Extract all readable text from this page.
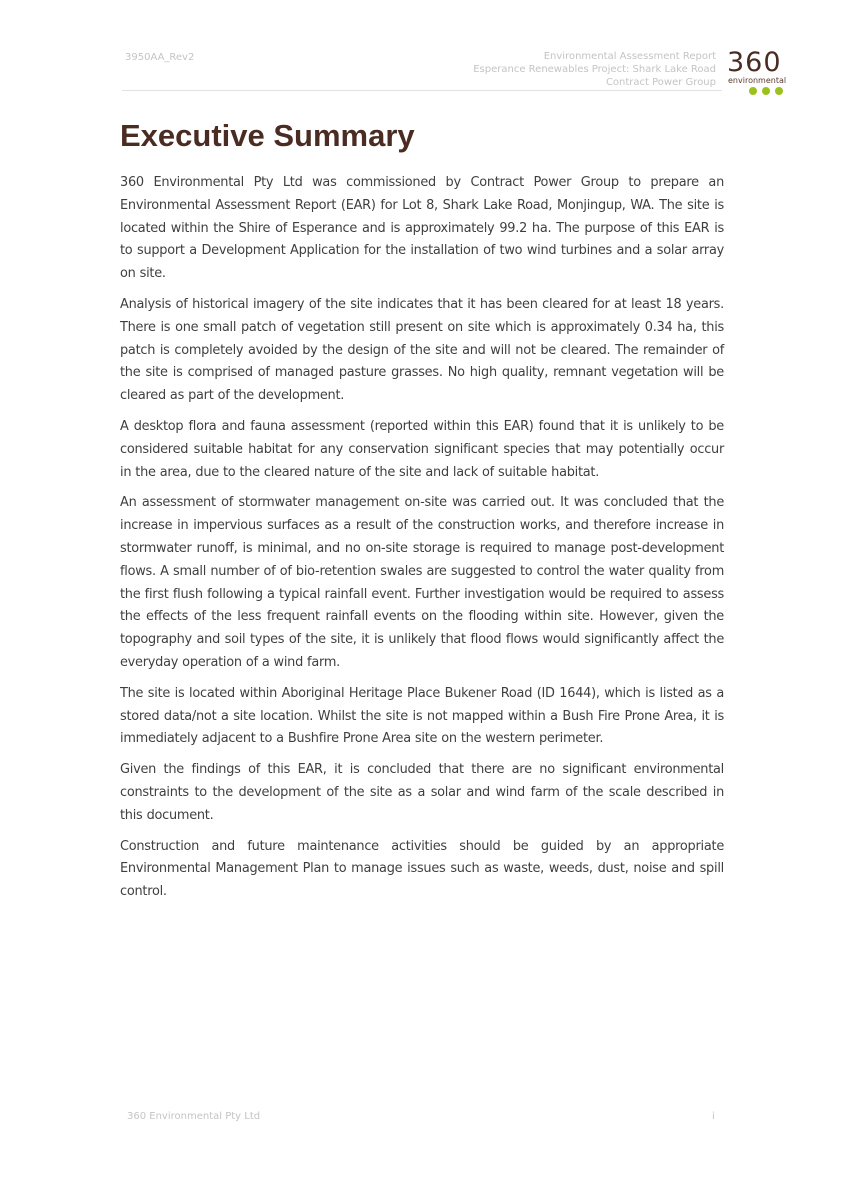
3950AA_Rev2	Environmental Assessment Report
Esperance Renewables Project: Shark Lake Road
Contract Power Group
360
environmental
Executive Summary

360 Environmental Pty Ltd was commissioned by Contract Power Group to prepare an Environmental Assessment Report (EAR) for Lot 8, Shark Lake Road, Monjingup, WA. The site is located within the Shire of Esperance and is approximately 99.2 ha. The purpose of this EAR is to support a Development Application for the installation of two wind turbines and a solar array on site.

Analysis of historical imagery of the site indicates that it has been cleared for at least 18 years. There is one small patch of vegetation still present on site which is approximately 0.34 ha, this patch is completely avoided by the design of the site and will not be cleared. The remainder of the site is comprised of managed pasture grasses. No high quality, remnant vegetation will be cleared as part of the development.

A desktop flora and fauna assessment (reported within this EAR) found that it is unlikely to be considered suitable habitat for any conservation significant species that may potentially occur in the area, due to the cleared nature of the site and lack of suitable habitat.

An assessment of stormwater management on-site was carried out. It was concluded that the increase in impervious surfaces as a result of the construction works, and therefore increase in stormwater runoff, is minimal, and no on-site storage is required to manage post-development flows. A small number of of bio-retention swales are suggested to control the water quality from the first flush following a typical rainfall event. Further investigation would be required to assess the effects of the less frequent rainfall events on the flooding within site. However, given the topography and soil types of the site, it is unlikely that flood flows would significantly affect the everyday operation of a wind farm.

The site is located within Aboriginal Heritage Place Bukener Road (ID 1644), which is listed as a stored data/not a site location. Whilst the site is not mapped within a Bush Fire Prone Area, it is immediately adjacent to a Bushfire Prone Area site on the western perimeter.

Given the findings of this EAR, it is concluded that there are no significant environmental constraints to the development of the site as a solar and wind farm of the scale described in this document.

Construction and future maintenance activities should be guided by an appropriate Environmental Management Plan to manage issues such as waste, weeds, dust, noise and spill control.

360 Environmental Pty Ltd	i
